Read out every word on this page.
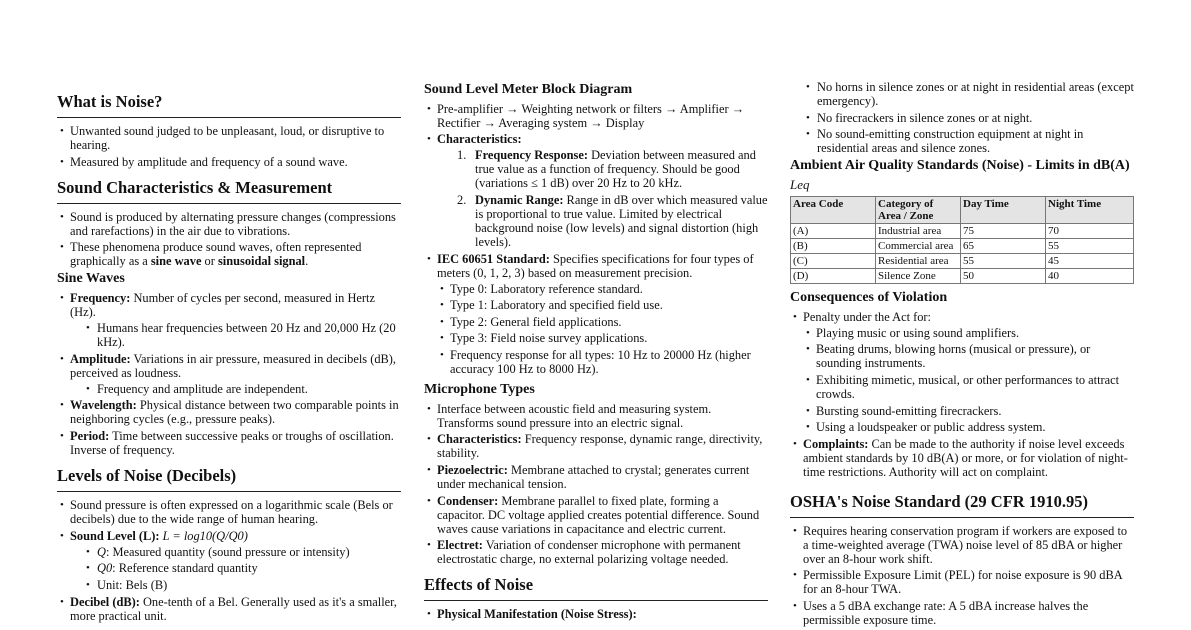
What is Noise?
• Unwanted sound judged to be unpleasant, loud, or disruptive to hearing.
• Measured by amplitude and frequency of a sound wave.
Sound Characteristics & Measurement
• Sound is produced by alternating pressure changes (compressions and rarefactions) in the air due to vibrations.
• These phenomena produce sound waves, often represented graphically as a sine wave or sinusoidal signal.
Sine Waves
• Frequency: Number of cycles per second, measured in Hertz (Hz).
• Humans hear frequencies between 20 Hz and 20,000 Hz (20 kHz).
• Amplitude: Variations in air pressure, measured in decibels (dB), perceived as loudness.
• Frequency and amplitude are independent.
• Wavelength: Physical distance between two comparable points in neighboring cycles (e.g., pressure peaks).
• Period: Time between successive peaks or troughs of oscillation. Inverse of frequency.
Levels of Noise (Decibels)
• Sound pressure is often expressed on a logarithmic scale (Bels or decibels) due to the wide range of human hearing.
• Sound Level (L): L = log10(Q/Q0)
• Q: Measured quantity (sound pressure or intensity)
• Q0: Reference standard quantity
• Unit: Bels (B)
• Decibel (dB): One-tenth of a Bel. Generally used as it's a smaller, more practical unit.
Sound Level Meter Block Diagram
• Pre-amplifier → Weighting network or filters → Amplifier → Rectifier → Averaging system → Display
• Characteristics:
1. Frequency Response: Deviation between measured and true value as a function of frequency. Should be good (variations ≤ 1 dB) over 20 Hz to 20 kHz.
2. Dynamic Range: Range in dB over which measured value is proportional to true value. Limited by electrical background noise (low levels) and signal distortion (high levels).
• IEC 60651 Standard: Specifies specifications for four types of meters (0, 1, 2, 3) based on measurement precision.
• Type 0: Laboratory reference standard.
• Type 1: Laboratory and specified field use.
• Type 2: General field applications.
• Type 3: Field noise survey applications.
• Frequency response for all types: 10 Hz to 20000 Hz (higher accuracy 100 Hz to 8000 Hz).
Microphone Types
• Interface between acoustic field and measuring system. Transforms sound pressure into an electric signal.
• Characteristics: Frequency response, dynamic range, directivity, stability.
• Piezoelectric: Membrane attached to crystal; generates current under mechanical tension.
• Condenser: Membrane parallel to fixed plate, forming a capacitor. DC voltage applied creates potential difference. Sound waves cause variations in capacitance and electric current.
• Electret: Variation of condenser microphone with permanent electrostatic charge, no external polarizing voltage needed.
Effects of Noise
• Physical Manifestation (Noise Stress):
• No horns in silence zones or at night in residential areas (except emergency).
• No firecrackers in silence zones or at night.
• No sound-emitting construction equipment at night in residential areas and silence zones.
Ambient Air Quality Standards (Noise) - Limits in dB(A)
Leq
Area Code	Category of Area / Zone	Day Time	Night Time
(A)	Industrial area	75	70
(B)	Commercial area	65	55
(C)	Residential area	55	45
(D)	Silence Zone	50	40
Consequences of Violation
• Penalty under the Act for:
• Playing music or using sound amplifiers.
• Beating drums, blowing horns (musical or pressure), or sounding instruments.
• Exhibiting mimetic, musical, or other performances to attract crowds.
• Bursting sound-emitting firecrackers.
• Using a loudspeaker or public address system.
• Complaints: Can be made to the authority if noise level exceeds ambient standards by 10 dB(A) or more, or for violation of night-time restrictions. Authority will act on complaint.
OSHA's Noise Standard (29 CFR 1910.95)
• Requires hearing conservation program if workers are exposed to a time-weighted average (TWA) noise level of 85 dBA or higher over an 8-hour work shift.
• Permissible Exposure Limit (PEL) for noise exposure is 90 dBA for an 8-hour TWA.
• Uses a 5 dBA exchange rate: A 5 dBA increase halves the permissible exposure time.
